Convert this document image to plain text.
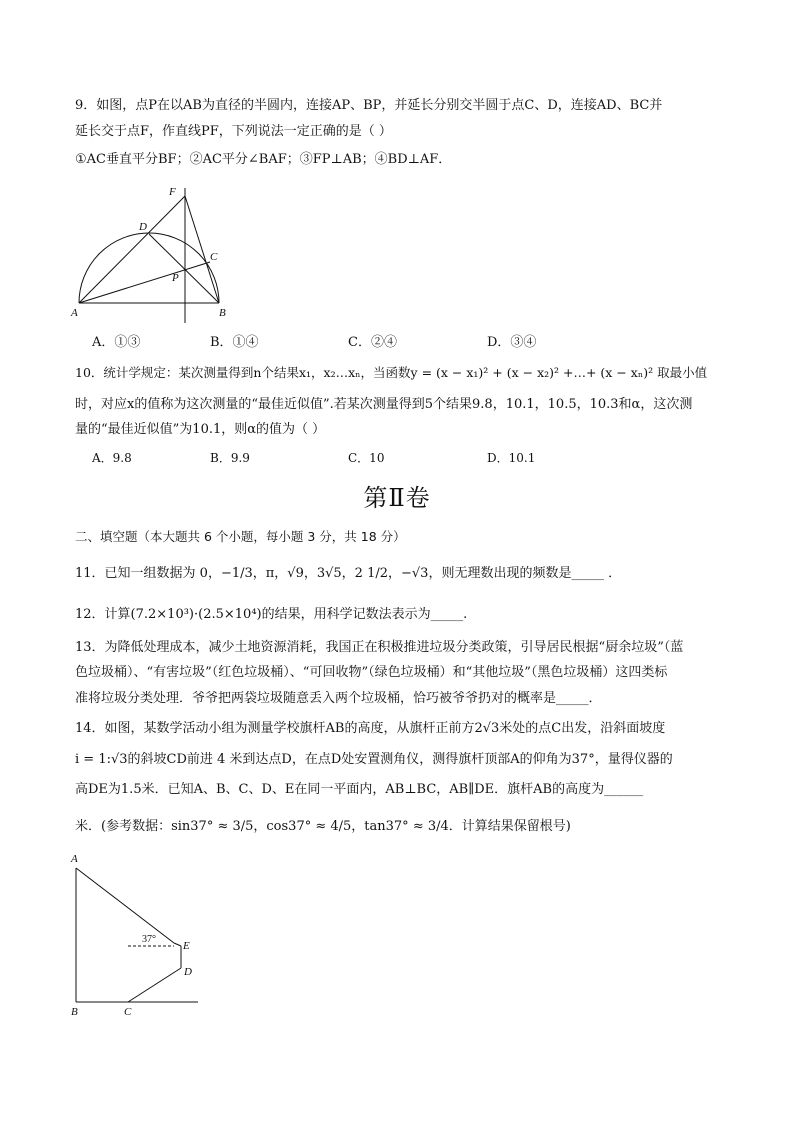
9．如图，点P在以AB为直径的半圆内，连接AP、BP，并延长分别交半圆于点C、D，连接AD、BC并
延长交于点F，作直线PF，下列说法一定正确的是（ ）
①AC垂直平分BF；②AC平分∠BAF；③FP⊥AB；④BD⊥AF．
F
D
C
P
A	B
A．①③	B．①④	C．②④	D．③④
10．统计学规定：某次测量得到n个结果x₁，x₂…xₙ，当函数y = (x − x₁)² + (x − x₂)² +…+ (x − xₙ)² 取最小值
时，对应x的值称为这次测量的“最佳近似值”.若某次测量得到5个结果9.8，10.1，10.5，10.3和α，这次测
量的“最佳近似值”为10.1，则α的值为（ ）
A．9.8	B．9.9	C．10	D．10.1
第Ⅱ卷
二、填空题（本大题共 6 个小题，每小题 3 分，共 18 分）
11．已知一组数据为 0，−1/3，π，√9，3√5，2 1/2，−√3，则无理数出现的频数是_____ ．
12．计算(7.2×10³)·(2.5×10⁴)的结果，用科学记数法表示为_____.
13．为降低处理成本，减少土地资源消耗，我国正在积极推进垃圾分类政策，引导居民根据“厨余垃圾”（蓝
色垃圾桶）、“有害垃圾”（红色垃圾桶）、“可回收物”（绿色垃圾桶）和“其他垃圾”（黑色垃圾桶）这四类标
准将垃圾分类处理．爷爷把两袋垃圾随意丢入两个垃圾桶，恰巧被爷爷扔对的概率是_____．
14．如图，某数学活动小组为测量学校旗杆AB的高度，从旗杆正前方2√3米处的点C出发，沿斜面坡度
i = 1:√3的斜坡CD前进 4 米到达点D，在点D处安置测角仪，测得旗杆顶部A的仰角为37°，量得仪器的
高DE为1.5米．已知A、B、C、D、E在同一平面内，AB⊥BC，AB∥DE．旗杆AB的高度为______
米．(参考数据：sin37° ≈ 3/5，cos37° ≈ 4/5，tan37° ≈ 3/4．计算结果保留根号)
37°
A
E
D
B	C
